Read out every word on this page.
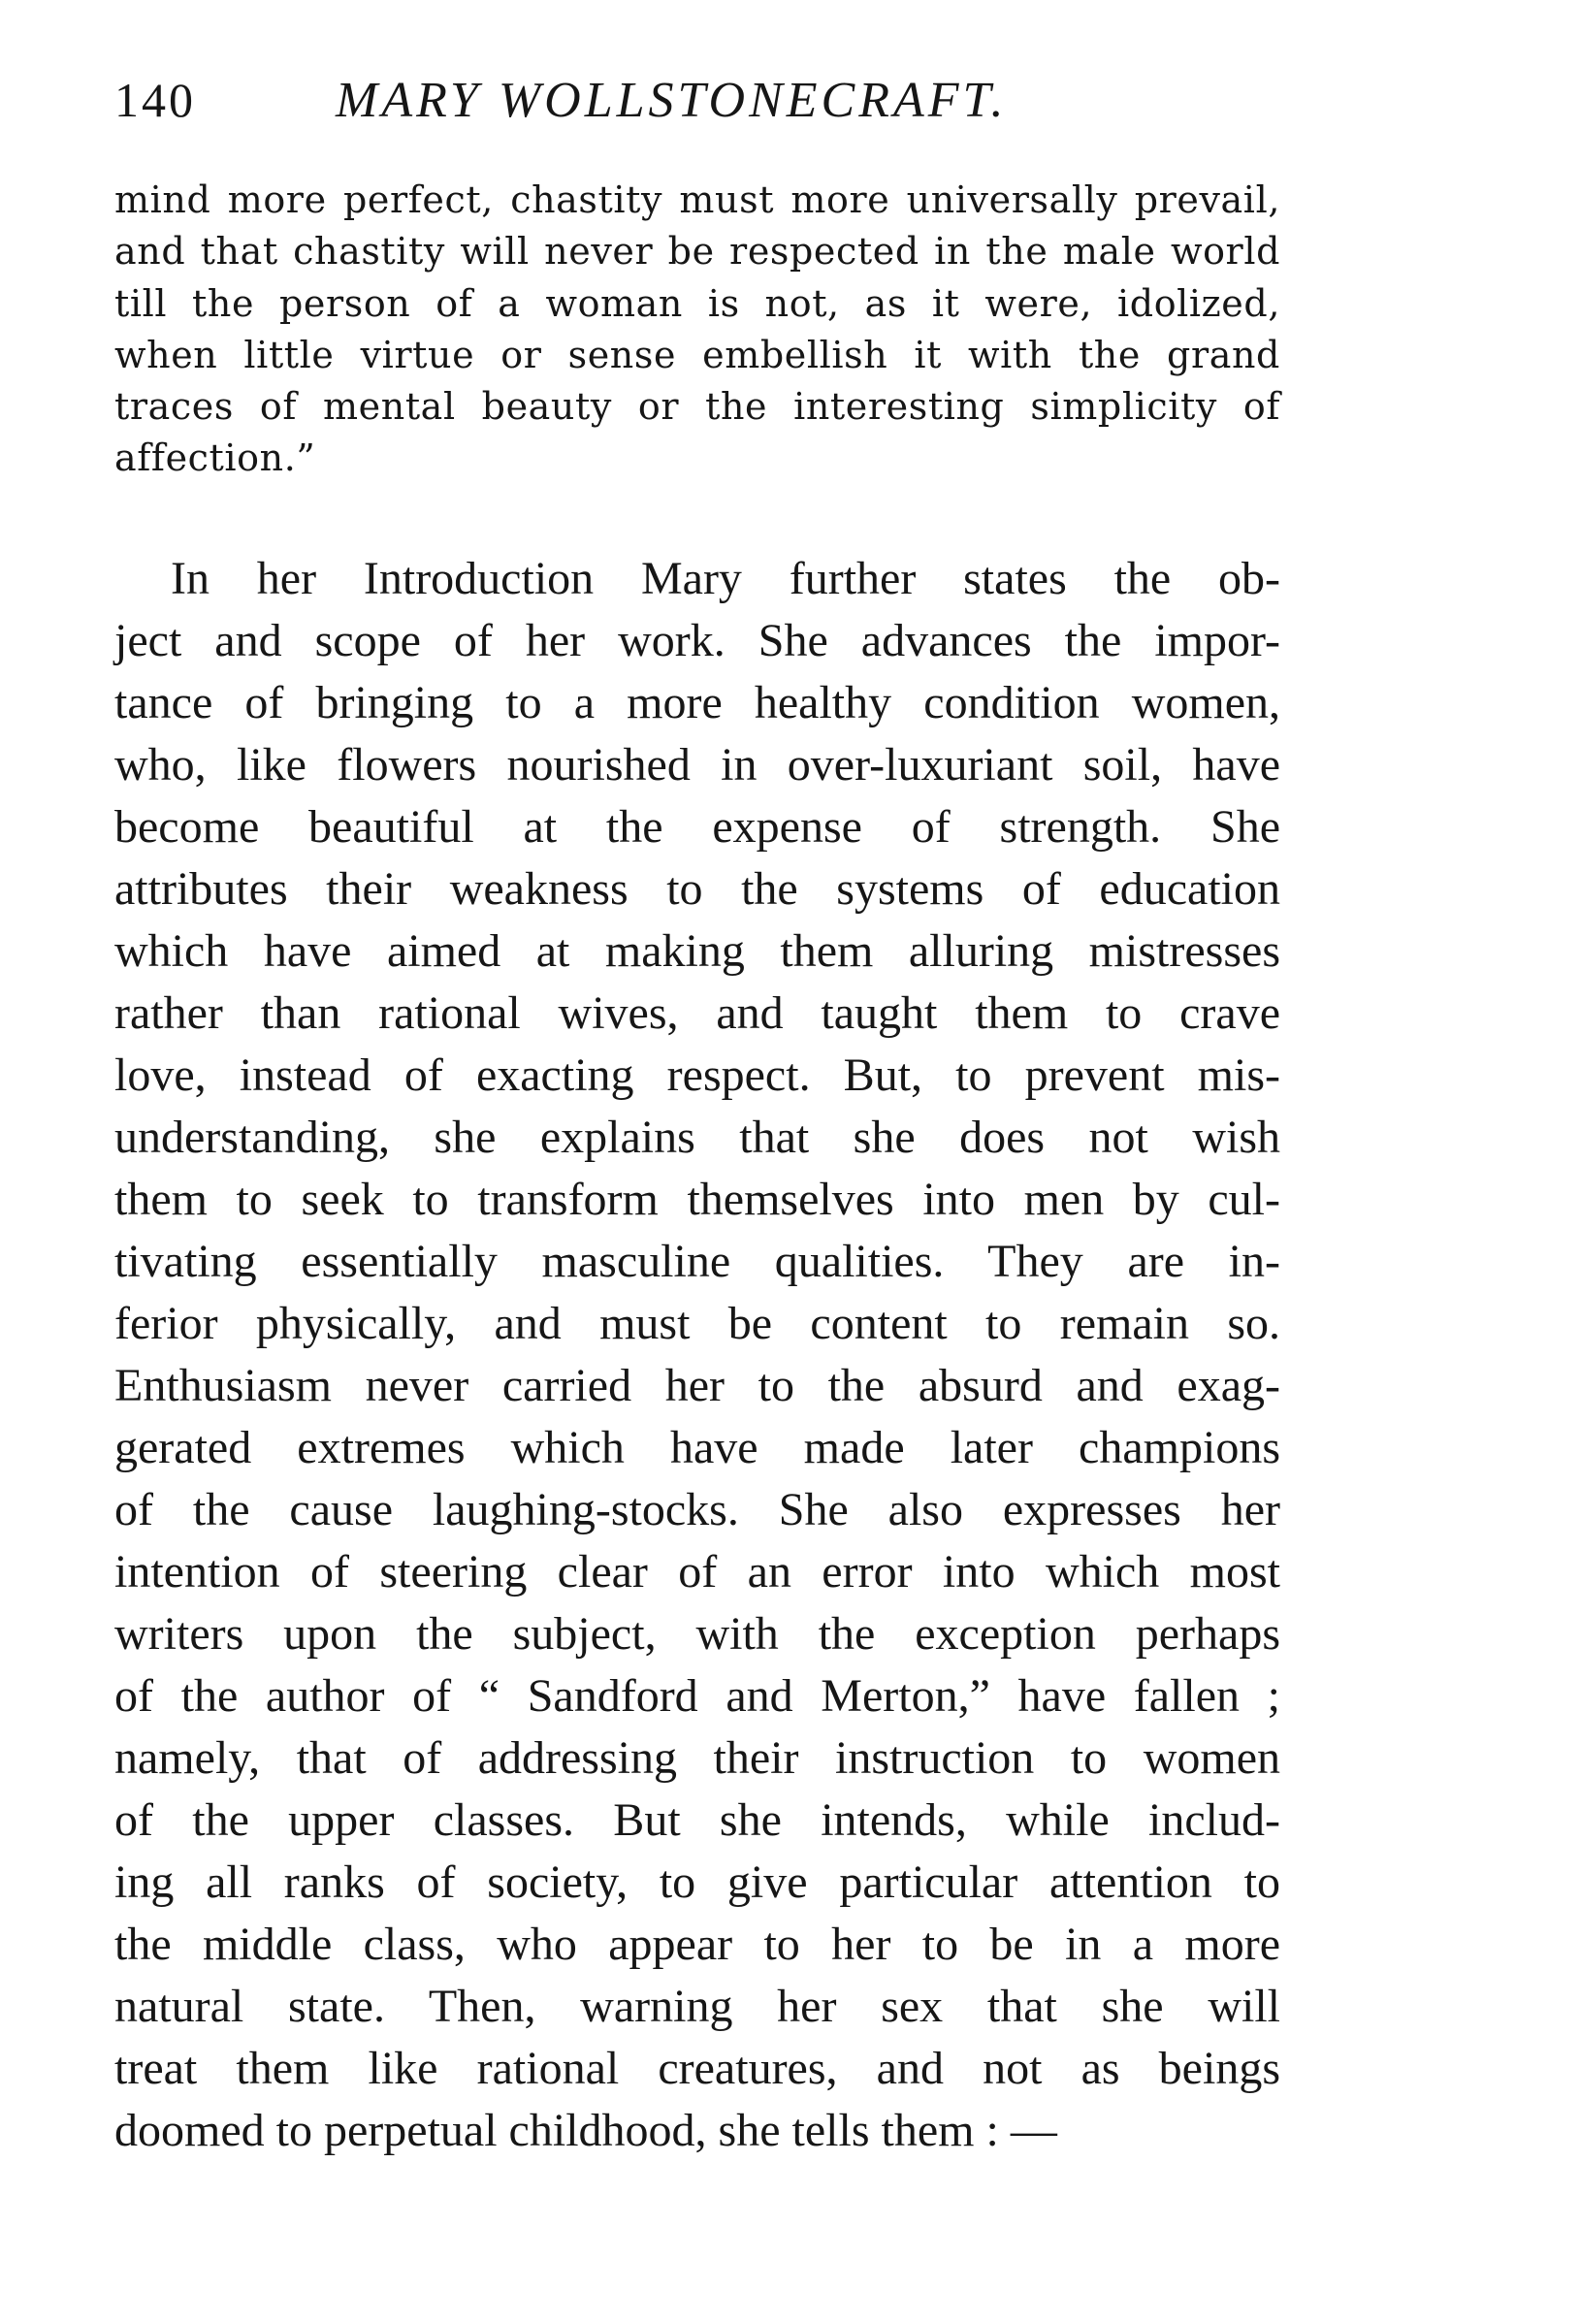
140	MARY WOLLSTONECRAFT.
mind more perfect, chastity must more universally prevail,
and that chastity will never be respected in the male world
till the person of a woman is not, as it were, idolized,
when little virtue or sense embellish it with the grand
traces of mental beauty or the interesting simplicity of
affection.”
In her Introduction Mary further states the ob-
ject and scope of her work. She advances the impor-
tance of bringing to a more healthy condition women,
who, like flowers nourished in over-luxuriant soil, have
become beautiful at the expense of strength. She
attributes their weakness to the systems of education
which have aimed at making them alluring mistresses
rather than rational wives, and taught them to crave
love, instead of exacting respect. But, to prevent mis-
understanding, she explains that she does not wish
them to seek to transform themselves into men by cul-
tivating essentially masculine qualities. They are in-
ferior physically, and must be content to remain so.
Enthusiasm never carried her to the absurd and exag-
gerated extremes which have made later champions
of the cause laughing-stocks. She also expresses her
intention of steering clear of an error into which most
writers upon the subject, with the exception perhaps
of the author of “ Sandford and Merton,” have fallen ;
namely, that of addressing their instruction to women
of the upper classes. But she intends, while includ-
ing all ranks of society, to give particular attention to
the middle class, who appear to her to be in a more
natural state. Then, warning her sex that she will
treat them like rational creatures, and not as beings
doomed to perpetual childhood, she tells them : —
